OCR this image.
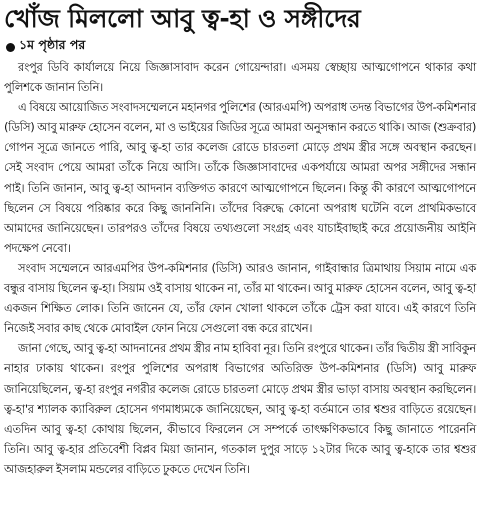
খোঁজ মিললো আবু ত্ব-হা ও সঙ্গীদের
১ম পৃষ্ঠার পর

রংপুর ডিবি কার্যালয়ে নিয়ে জিজ্ঞাসাবাদ করেন গোয়েন্দারা। এসময় স্বেচ্ছায় আত্মগোপনে থাকার কথা পুলিশকে জানান তিনি।

এ বিষয়ে আয়োজিত সংবাদসম্মেলনে মহানগর পুলিশের (আরএমপি) অপরাধ তদন্ত বিভাগের উপ-কমিশনার (ডিসি) আবু মারুফ হোসেন বলেন, মা ও ভাইয়ের জিডির সূত্রে আমরা অনুসন্ধান করতে থাকি। আজ (শুক্রবার) গোপন সূত্রে জানতে পারি, আবু ত্ব-হা তার কলেজ রোডে চারতলা মোড়ে প্রথম স্ত্রীর সঙ্গে অবস্থান করছেন। সেই সংবাদ পেয়ে আমরা তাঁকে নিয়ে আসি। তাঁকে জিজ্ঞাসাবাদের একপর্যায়ে আমরা অপর সঙ্গীদের সন্ধান পাই। তিনি জানান, আবু ত্ব-হা আদনান ব্যক্তিগত কারণে আত্মগোপনে ছিলেন। কিন্তু কী কারণে আত্মগোপনে ছিলেন সে বিষয়ে পরিষ্কার করে কিছু জাননিনি। তাঁদের বিরুদ্ধে কোনো অপরাধ ঘটেনি বলে প্রাথমিকভাবে আমাদের জানিয়েছেন। তারপরও তাঁদের বিষয়ে তথ্যগুলো সংগ্রহ এবং যাচাইবাছাই করে প্রয়োজনীয় আইনি পদক্ষেপ নেবো।

সংবাদ সম্মেলনে আরএমপির উপ-কমিশনার (ডিসি) আরও জানান, গাইবান্ধার ত্রিমাথায় সিয়াম নামে এক বন্ধুর বাসায় ছিলেন ত্ব-হা। সিয়াম ওই বাসায় থাকেন না, তাঁর মা থাকেন। আবু মারুফ হোসেন বলেন, আবু ত্ব-হা একজন শিক্ষিত লোক। তিনি জানেন যে, তাঁর ফোন খোলা থাকলে তাঁকে ট্রেস করা যাবে। এই কারণে তিনি নিজেই সবার কাছ থেকে মোবাইল ফোন নিয়ে সেগুলো বন্ধ করে রাখেন।

জানা গেছে, আবু ত্ব-হা আদনানের প্রথম স্ত্রীর নাম হাবিবা নূর। তিনি রংপুরে থাকেন। তাঁর দ্বিতীয় স্ত্রী সাবিকুন নাহার ঢাকায় থাকেন। রংপুর পুলিশের অপরাধ বিভাগের অতিরিক্ত উপ-কমিশনার (ডিসি) আবু মারুফ জানিয়েছিলেন, ত্ব-হা রংপুর নগরীর কলেজ রোডে চারতলা মোড়ে প্রথম স্ত্রীর ভাড়া বাসায় অবস্থান করছিলেন। ত্ব-হা'র শ্যালক ক্যাবিরুল হোসেন গণমাধ্যমকে জানিয়েছেন, আবু ত্ব-হা বর্তমানে তার শ্বশুর বাড়িতে রয়েছেন। এতদিন আবু ত্ব-হা কোথায় ছিলেন, কীভাবে ফিরলেন সে সম্পর্কে তাৎক্ষণিকভাবে কিছু জানাতে পারেননি তিনি। আবু ত্ব-হার প্রতিবেশী বিপ্লব মিয়া জানান, গতকাল দুপুর সাড়ে ১২টার দিকে আবু ত্ব-হাকে তার শ্বশুর আজহারুল ইসলাম মন্ডলের বাড়িতে ঢুকতে দেখেন তিনি।
